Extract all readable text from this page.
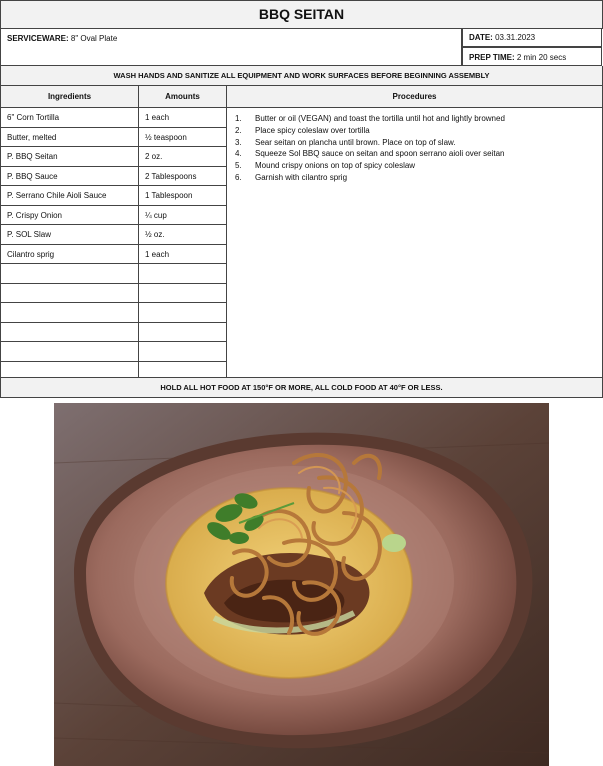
BBQ SEITAN
SERVICEWARE: 8" Oval Plate	DATE: 03.31.2023
PREP TIME: 2 min 20 secs
WASH HANDS AND SANITIZE ALL EQUIPMENT AND WORK SURFACES BEFORE BEGINNING ASSEMBLY
Ingredients	Amounts	Procedures
1.	Butter or oil (VEGAN) and toast the tortilla until hot and lightly browned
2.	Place spicy coleslaw over tortilla
3.	Sear seitan on plancha until brown. Place on top of slaw.
4.	Squeeze Sol BBQ sauce on seitan and spoon serrano aioli over seitan
5.	Mound crispy onions on top of spicy coleslaw
6.	Garnish with cilantro sprig
6" Corn Tortilla	1 each
Butter, melted	½ teaspoon
P. BBQ Seitan	2 oz.
P. BBQ Sauce	2 Tablespoons
P. Serrano Chile Aioli Sauce	1 Tablespoon
P. Crispy Onion	¼ cup
P. SOL Slaw	½ oz.
Cilantro sprig	1 each
HOLD ALL HOT FOOD AT 150°F OR MORE, ALL COLD FOOD AT 40°F OR LESS.
